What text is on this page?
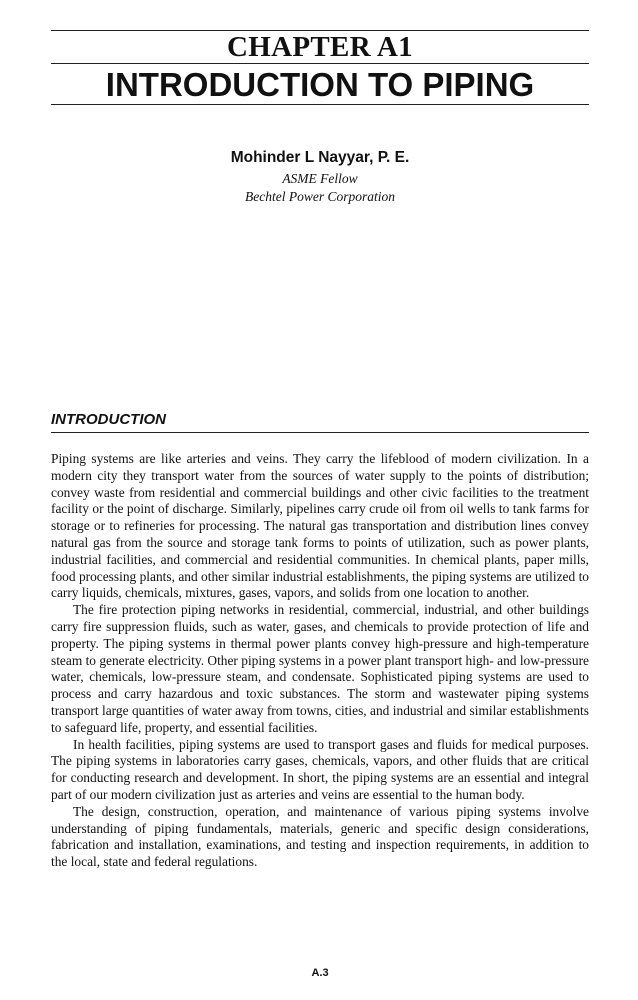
CHAPTER A1
INTRODUCTION TO PIPING
Mohinder L Nayyar, P. E.
ASME Fellow
Bechtel Power Corporation
INTRODUCTION

Piping systems are like arteries and veins. They carry the lifeblood of modern civilization. In a modern city they transport water from the sources of water supply to the points of distribution; convey waste from residential and commercial buildings and other civic facilities to the treatment facility or the point of discharge. Similarly, pipelines carry crude oil from oil wells to tank farms for storage or to refineries for processing. The natural gas transportation and distribution lines convey natural gas from the source and storage tank forms to points of utilization, such as power plants, industrial facilities, and commercial and residential communities. In chemical plants, paper mills, food processing plants, and other similar industrial establishments, the piping systems are utilized to carry liquids, chemicals, mixtures, gases, vapors, and solids from one location to another.

The fire protection piping networks in residential, commercial, industrial, and other buildings carry fire suppression fluids, such as water, gases, and chemicals to provide protection of life and property. The piping systems in thermal power plants convey high-pressure and high-temperature steam to generate electricity. Other piping systems in a power plant transport high- and low-pressure water, chemicals, low-pressure steam, and condensate. Sophisticated piping systems are used to process and carry hazardous and toxic substances. The storm and wastewater piping systems transport large quantities of water away from towns, cities, and industrial and similar establishments to safeguard life, property, and essential facilities.

In health facilities, piping systems are used to transport gases and fluids for medical purposes. The piping systems in laboratories carry gases, chemicals, vapors, and other fluids that are critical for conducting research and development. In short, the piping systems are an essential and integral part of our modern civilization just as arteries and veins are essential to the human body.

The design, construction, operation, and maintenance of various piping systems involve understanding of piping fundamentals, materials, generic and specific design considerations, fabrication and installation, examinations, and testing and inspection requirements, in addition to the local, state and federal regulations.

A.3
